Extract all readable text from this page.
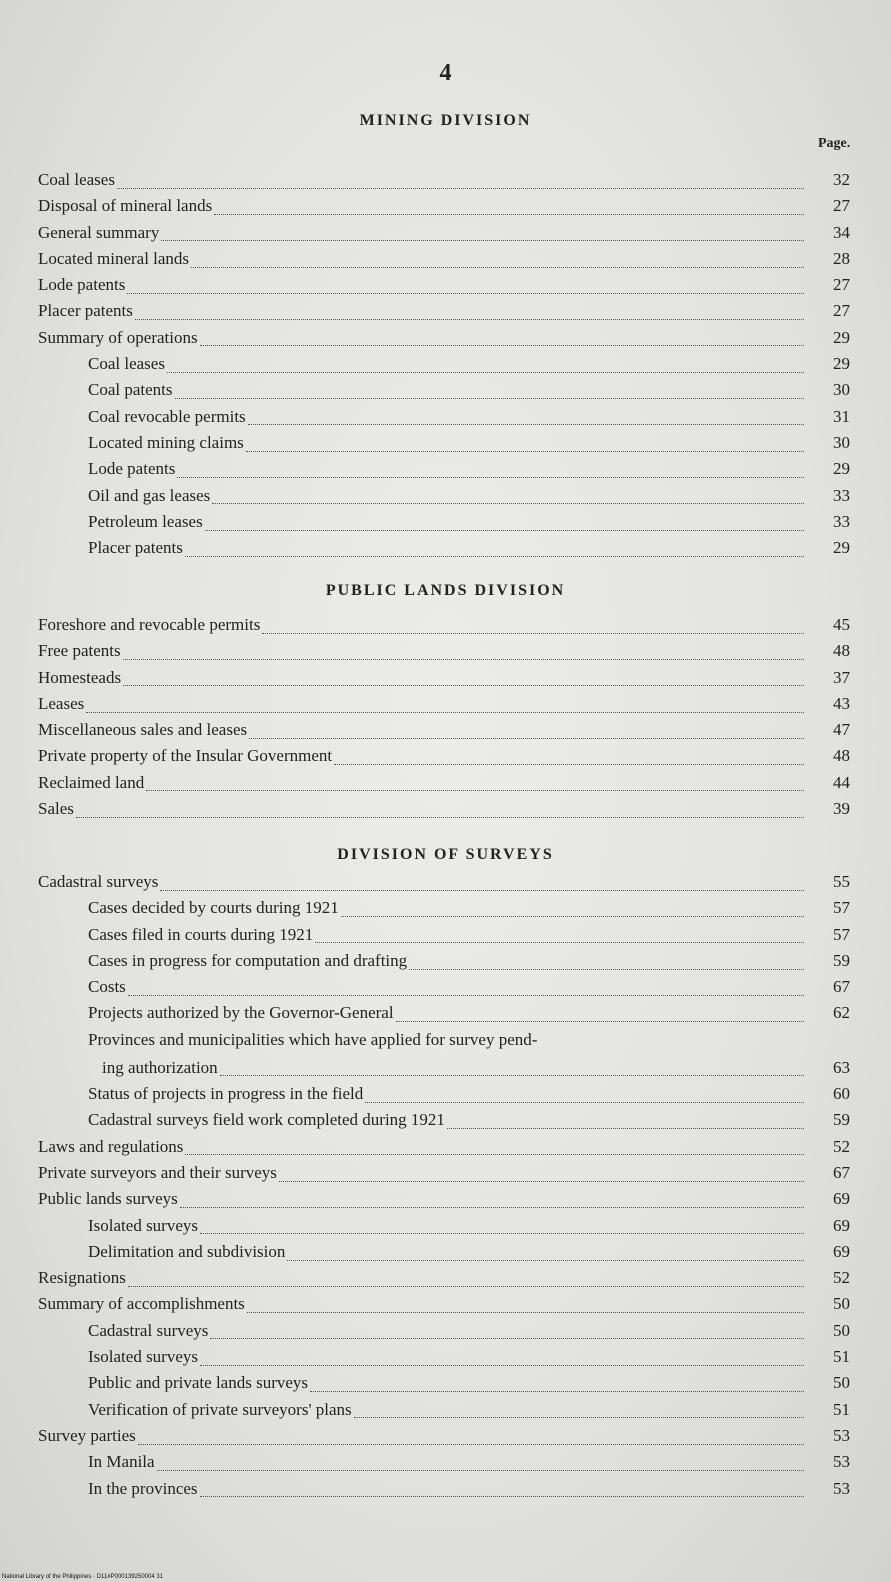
4
Page.
MINING DIVISION
Coal leases	32
Disposal of mineral lands	27
General summary	34
Located mineral lands	28
Lode patents	27
Placer patents	27
Summary of operations	29
Coal leases	29
Coal patents	30
Coal revocable permits	31
Located mining claims	30
Lode patents	29
Oil and gas leases	33
Petroleum leases	33
Placer patents	29
PUBLIC LANDS DIVISION
Foreshore and revocable permits	45
Free patents	48
Homesteads	37
Leases	43
Miscellaneous sales and leases	47
Private property of the Insular Government	48
Reclaimed land	44
Sales	39
DIVISION OF SURVEYS
Cadastral surveys	55
Cases decided by courts during 1921	57
Cases filed in courts during 1921	57
Cases in progress for computation and drafting	59
Costs	67
Projects authorized by the Governor-General	62
Provinces and municipalities which have applied for survey pend-
ing authorization	63
Status of projects in progress in the field	60
Cadastral surveys field work completed during 1921	59
Laws and regulations	52
Private surveyors and their surveys	67
Public lands surveys	69
Isolated surveys	69
Delimitation and subdivision	69
Resignations	52
Summary of accomplishments	50
Cadastral surveys	50
Isolated surveys	51
Public and private lands surveys	50
Verification of private surveyors' plans	51
Survey parties	53
In Manila	53
In the provinces	53
National Library of the Philippines · D11#P000139250004 31
